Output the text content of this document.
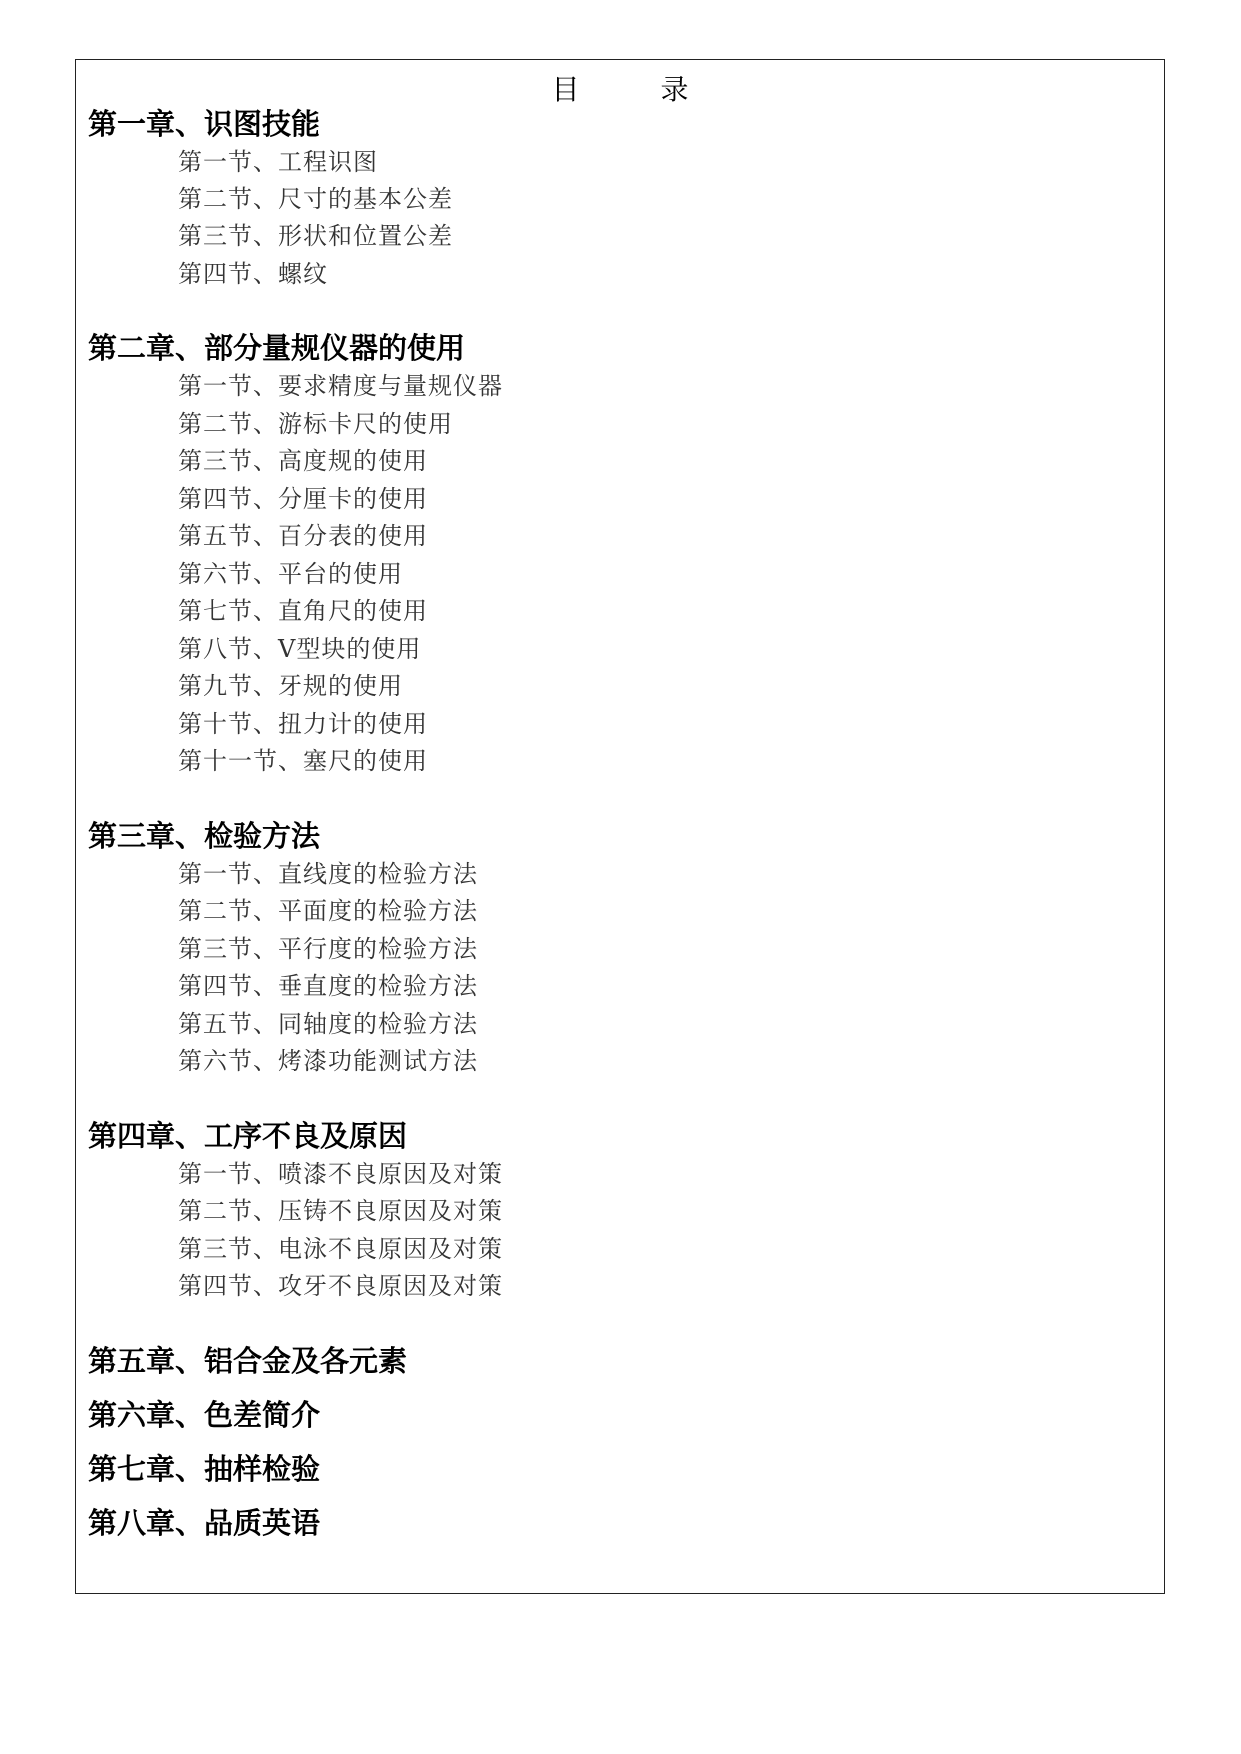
目 录
第一章、识图技能
第一节、工程识图
第二节、尺寸的基本公差
第三节、形状和位置公差
第四节、螺纹
第二章、部分量规仪器的使用
第一节、要求精度与量规仪器
第二节、游标卡尺的使用
第三节、高度规的使用
第四节、分厘卡的使用
第五节、百分表的使用
第六节、平台的使用
第七节、直角尺的使用
第八节、V型块的使用
第九节、牙规的使用
第十节、扭力计的使用
第十一节、塞尺的使用
第三章、检验方法
第一节、直线度的检验方法
第二节、平面度的检验方法
第三节、平行度的检验方法
第四节、垂直度的检验方法
第五节、同轴度的检验方法
第六节、烤漆功能测试方法
第四章、工序不良及原因
第一节、喷漆不良原因及对策
第二节、压铸不良原因及对策
第三节、电泳不良原因及对策
第四节、攻牙不良原因及对策
第五章、铝合金及各元素
第六章、色差简介
第七章、抽样检验
第八章、品质英语
